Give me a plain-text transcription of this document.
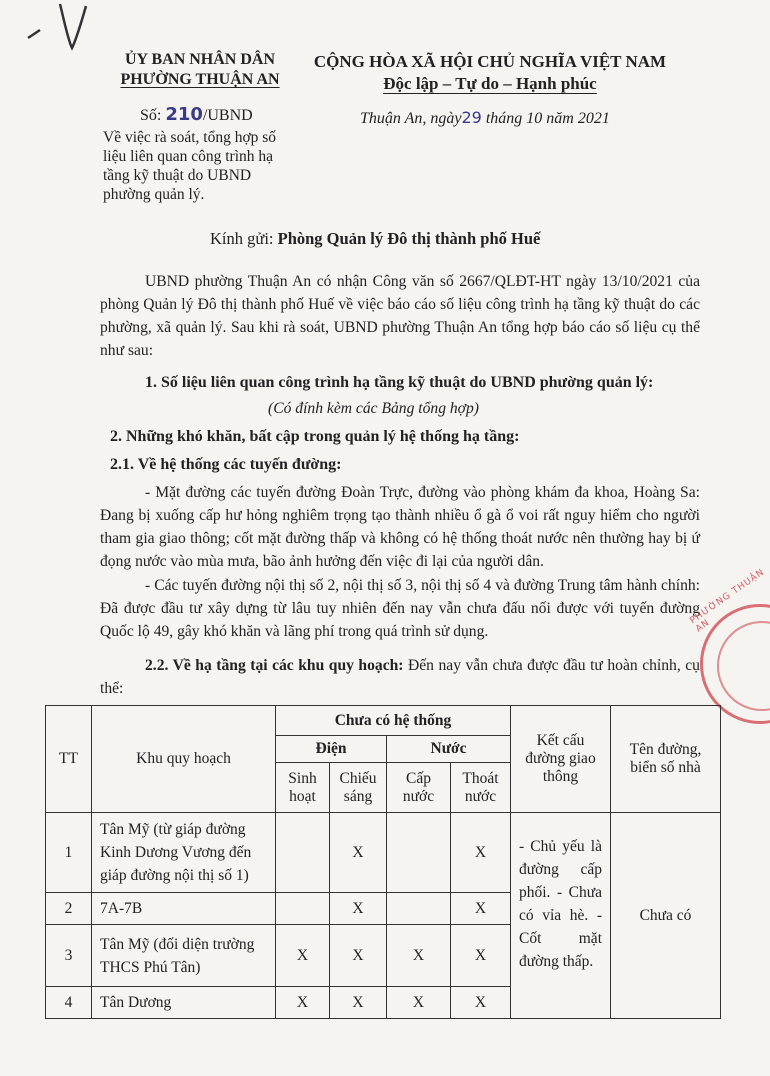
ỦY BAN NHÂN DÂN
PHƯỜNG THUẬN AN
CỘNG HÒA XÃ HỘI CHỦ NGHĨA VIỆT NAM
Độc lập – Tự do – Hạnh phúc
Số: 210/UBND	Thuận An, ngày29 tháng 10 năm 2021
Về việc rà soát, tổng hợp số
liệu liên quan công trình hạ
tầng kỹ thuật do UBND
phường quản lý.
Kính gửi: Phòng Quản lý Đô thị thành phố Huế
UBND phường Thuận An có nhận Công văn số 2667/QLĐT-HT ngày 13/10/2021 của phòng Quản lý Đô thị thành phố Huế về việc báo cáo số liệu công trình hạ tầng kỹ thuật do các phường, xã quản lý. Sau khi rà soát, UBND phường Thuận An tổng hợp báo cáo số liệu cụ thể như sau:
1. Số liệu liên quan công trình hạ tầng kỹ thuật do UBND phường quản lý:
(Có đính kèm các Bảng tổng hợp)
2. Những khó khăn, bất cập trong quản lý hệ thống hạ tầng:
2.1. Về hệ thống các tuyến đường:
- Mặt đường các tuyến đường Đoàn Trực, đường vào phòng khám đa khoa, Hoàng Sa: Đang bị xuống cấp hư hỏng nghiêm trọng tạo thành nhiều ổ gà ổ voi rất nguy hiểm cho người tham gia giao thông; cốt mặt đường thấp và không có hệ thống thoát nước nên thường hay bị ứ đọng nước vào mùa mưa, bão ảnh hưởng đến việc đi lại của người dân.
- Các tuyến đường nội thị số 2, nội thị số 3, nội thị số 4 và đường Trung tâm hành chính: Đã được đầu tư xây dựng từ lâu tuy nhiên đến nay vẫn chưa đấu nối được với tuyến đường Quốc lộ 49, gây khó khăn và lãng phí trong quá trình sử dụng.
2.2. Về hạ tầng tại các khu quy hoạch: Đến nay vẫn chưa được đầu tư hoàn chỉnh, cụ thể:
PHƯỜNG THUẬN AN
TT	Khu quy hoạch	Chưa có hệ thống				Kết cấu đường giao thông	Tên đường, biển số nhà
		Điện		Nước			
		Sinh hoạt	Chiếu sáng	Cấp nước	Thoát nước		
1	Tân Mỹ (từ giáp đường Kinh Dương Vương đến giáp đường nội thị số 1)		X		X	- Chủ yếu là đường cấp phối. - Chưa có vỉa hè. - Cốt mặt đường thấp.	Chưa có
2	7A-7B		X		X		
3	Tân Mỹ (đối diện trường THCS Phú Tân)	X	X	X	X		
4	Tân Dương	X	X	X	X		
